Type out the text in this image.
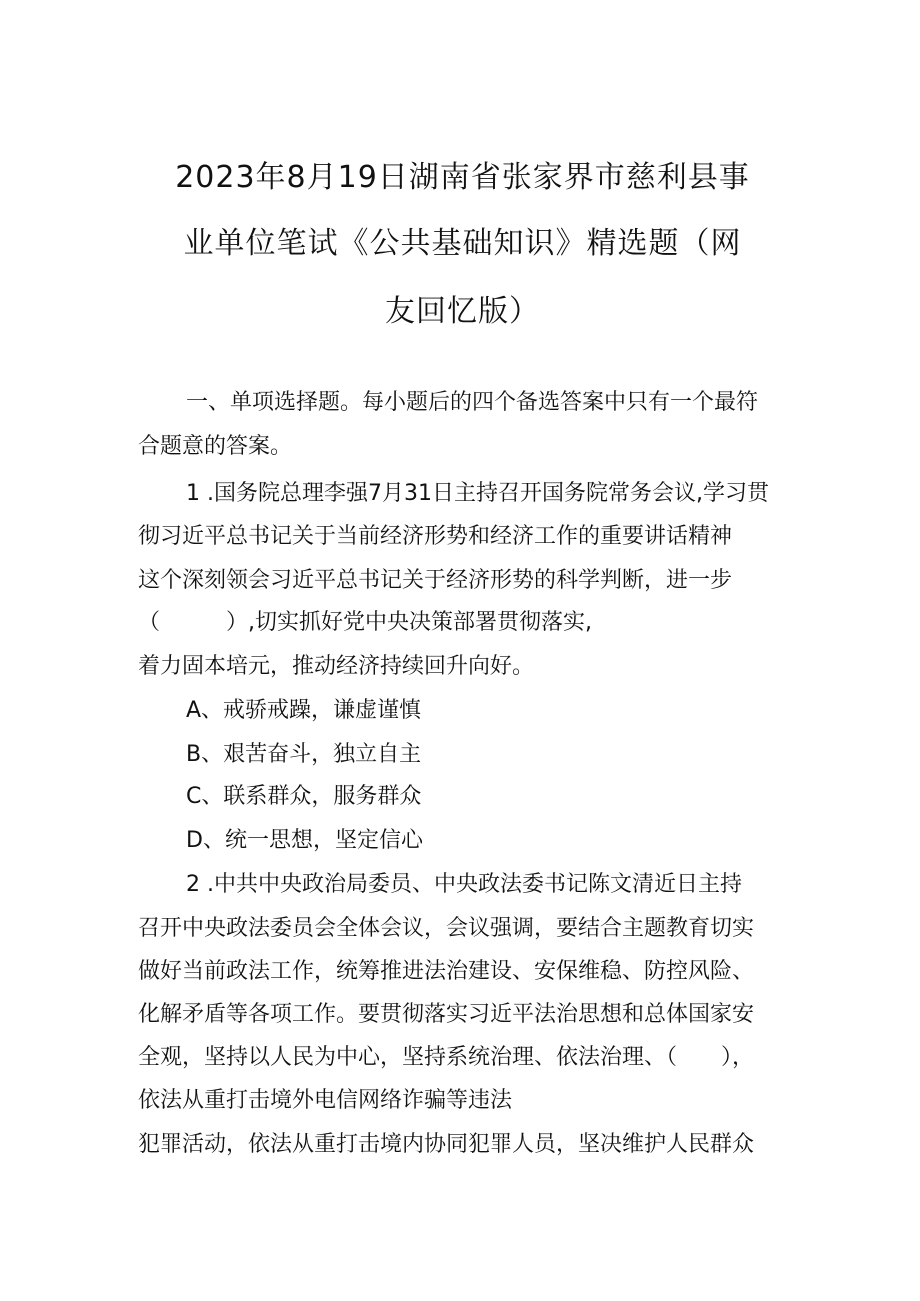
2023年8月19日湖南省张家界市慈利县事
业单位笔试《公共基础知识》精选题（网
友回忆版）

一、单项选择题。每小题后的四个备选答案中只有一个最符

合题意的答案。

1 .国务院总理李强7月31日主持召开国务院常务会议,学习贯

彻习近平总书记关于当前经济形势和经济工作的重要讲话精神

这个深刻领会习近平总书记关于经济形势的科学判断，进一步

（　　　）,切实抓好党中央决策部署贯彻落实,

着力固本培元，推动经济持续回升向好。

A、戒骄戒躁，谦虚谨慎

B、艰苦奋斗，独立自主

C、联系群众，服务群众

D、统一思想，坚定信心

2 .中共中央政治局委员、中央政法委书记陈文清近日主持

召开中央政法委员会全体会议，会议强调，要结合主题教育切实

做好当前政法工作，统筹推进法治建设、安保维稳、防控风险、

化解矛盾等各项工作。要贯彻落实习近平法治思想和总体国家安

全观，坚持以人民为中心，坚持系统治理、依法治理、（　　），

依法从重打击境外电信网络诈骗等违法

犯罪活动，依法从重打击境内协同犯罪人员，坚决维护人民群众
